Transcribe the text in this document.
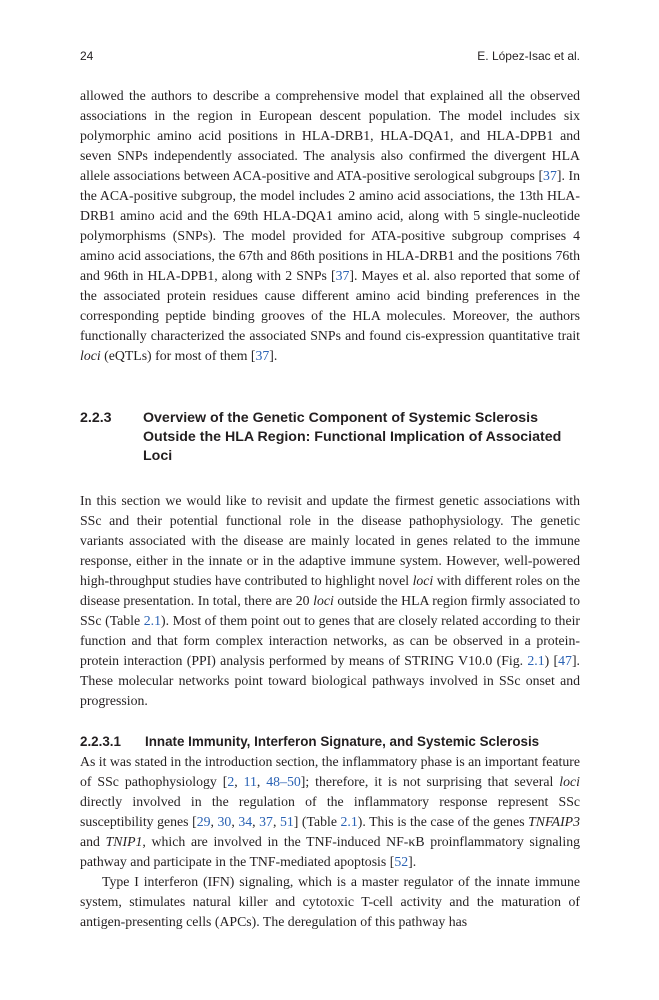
24	E. López-Isac et al.

allowed the authors to describe a comprehensive model that explained all the observed associations in the region in European descent population. The model includes six polymorphic amino acid positions in HLA-DRB1, HLA-DQA1, and HLA-DPB1 and seven SNPs independently associated. The analysis also confirmed the divergent HLA allele associations between ACA-positive and ATA-positive serological subgroups [37]. In the ACA-positive subgroup, the model includes 2 amino acid associations, the 13th HLA-DRB1 amino acid and the 69th HLA-DQA1 amino acid, along with 5 single-nucleotide polymorphisms (SNPs). The model provided for ATA-positive subgroup comprises 4 amino acid associations, the 67th and 86th positions in HLA-DRB1 and the positions 76th and 96th in HLA-DPB1, along with 2 SNPs [37]. Mayes et al. also reported that some of the associated protein residues cause different amino acid binding preferences in the corresponding peptide binding grooves of the HLA molecules. Moreover, the authors functionally characterized the associated SNPs and found cis-expression quantitative trait loci (eQTLs) for most of them [37].

2.2.3 Overview of the Genetic Component of Systemic Sclerosis Outside the HLA Region: Functional Implication of Associated Loci

In this section we would like to revisit and update the firmest genetic associations with SSc and their potential functional role in the disease pathophysiology. The genetic variants associated with the disease are mainly located in genes related to the immune response, either in the innate or in the adaptive immune system. However, well-powered high-throughput studies have contributed to highlight novel loci with different roles on the disease presentation. In total, there are 20 loci outside the HLA region firmly associated to SSc (Table 2.1). Most of them point out to genes that are closely related according to their function and that form complex interaction networks, as can be observed in a protein-protein interaction (PPI) analysis performed by means of STRING V10.0 (Fig. 2.1) [47]. These molecular networks point toward biological pathways involved in SSc onset and progression.

2.2.3.1 Innate Immunity, Interferon Signature, and Systemic Sclerosis

As it was stated in the introduction section, the inflammatory phase is an important feature of SSc pathophysiology [2, 11, 48–50]; therefore, it is not surprising that several loci directly involved in the regulation of the inflammatory response represent SSc susceptibility genes [29, 30, 34, 37, 51] (Table 2.1). This is the case of the genes TNFAIP3 and TNIP1, which are involved in the TNF-induced NF-κB proinflammatory signaling pathway and participate in the TNF-mediated apoptosis [52].

Type I interferon (IFN) signaling, which is a master regulator of the innate immune system, stimulates natural killer and cytotoxic T-cell activity and the maturation of antigen-presenting cells (APCs). The deregulation of this pathway has
